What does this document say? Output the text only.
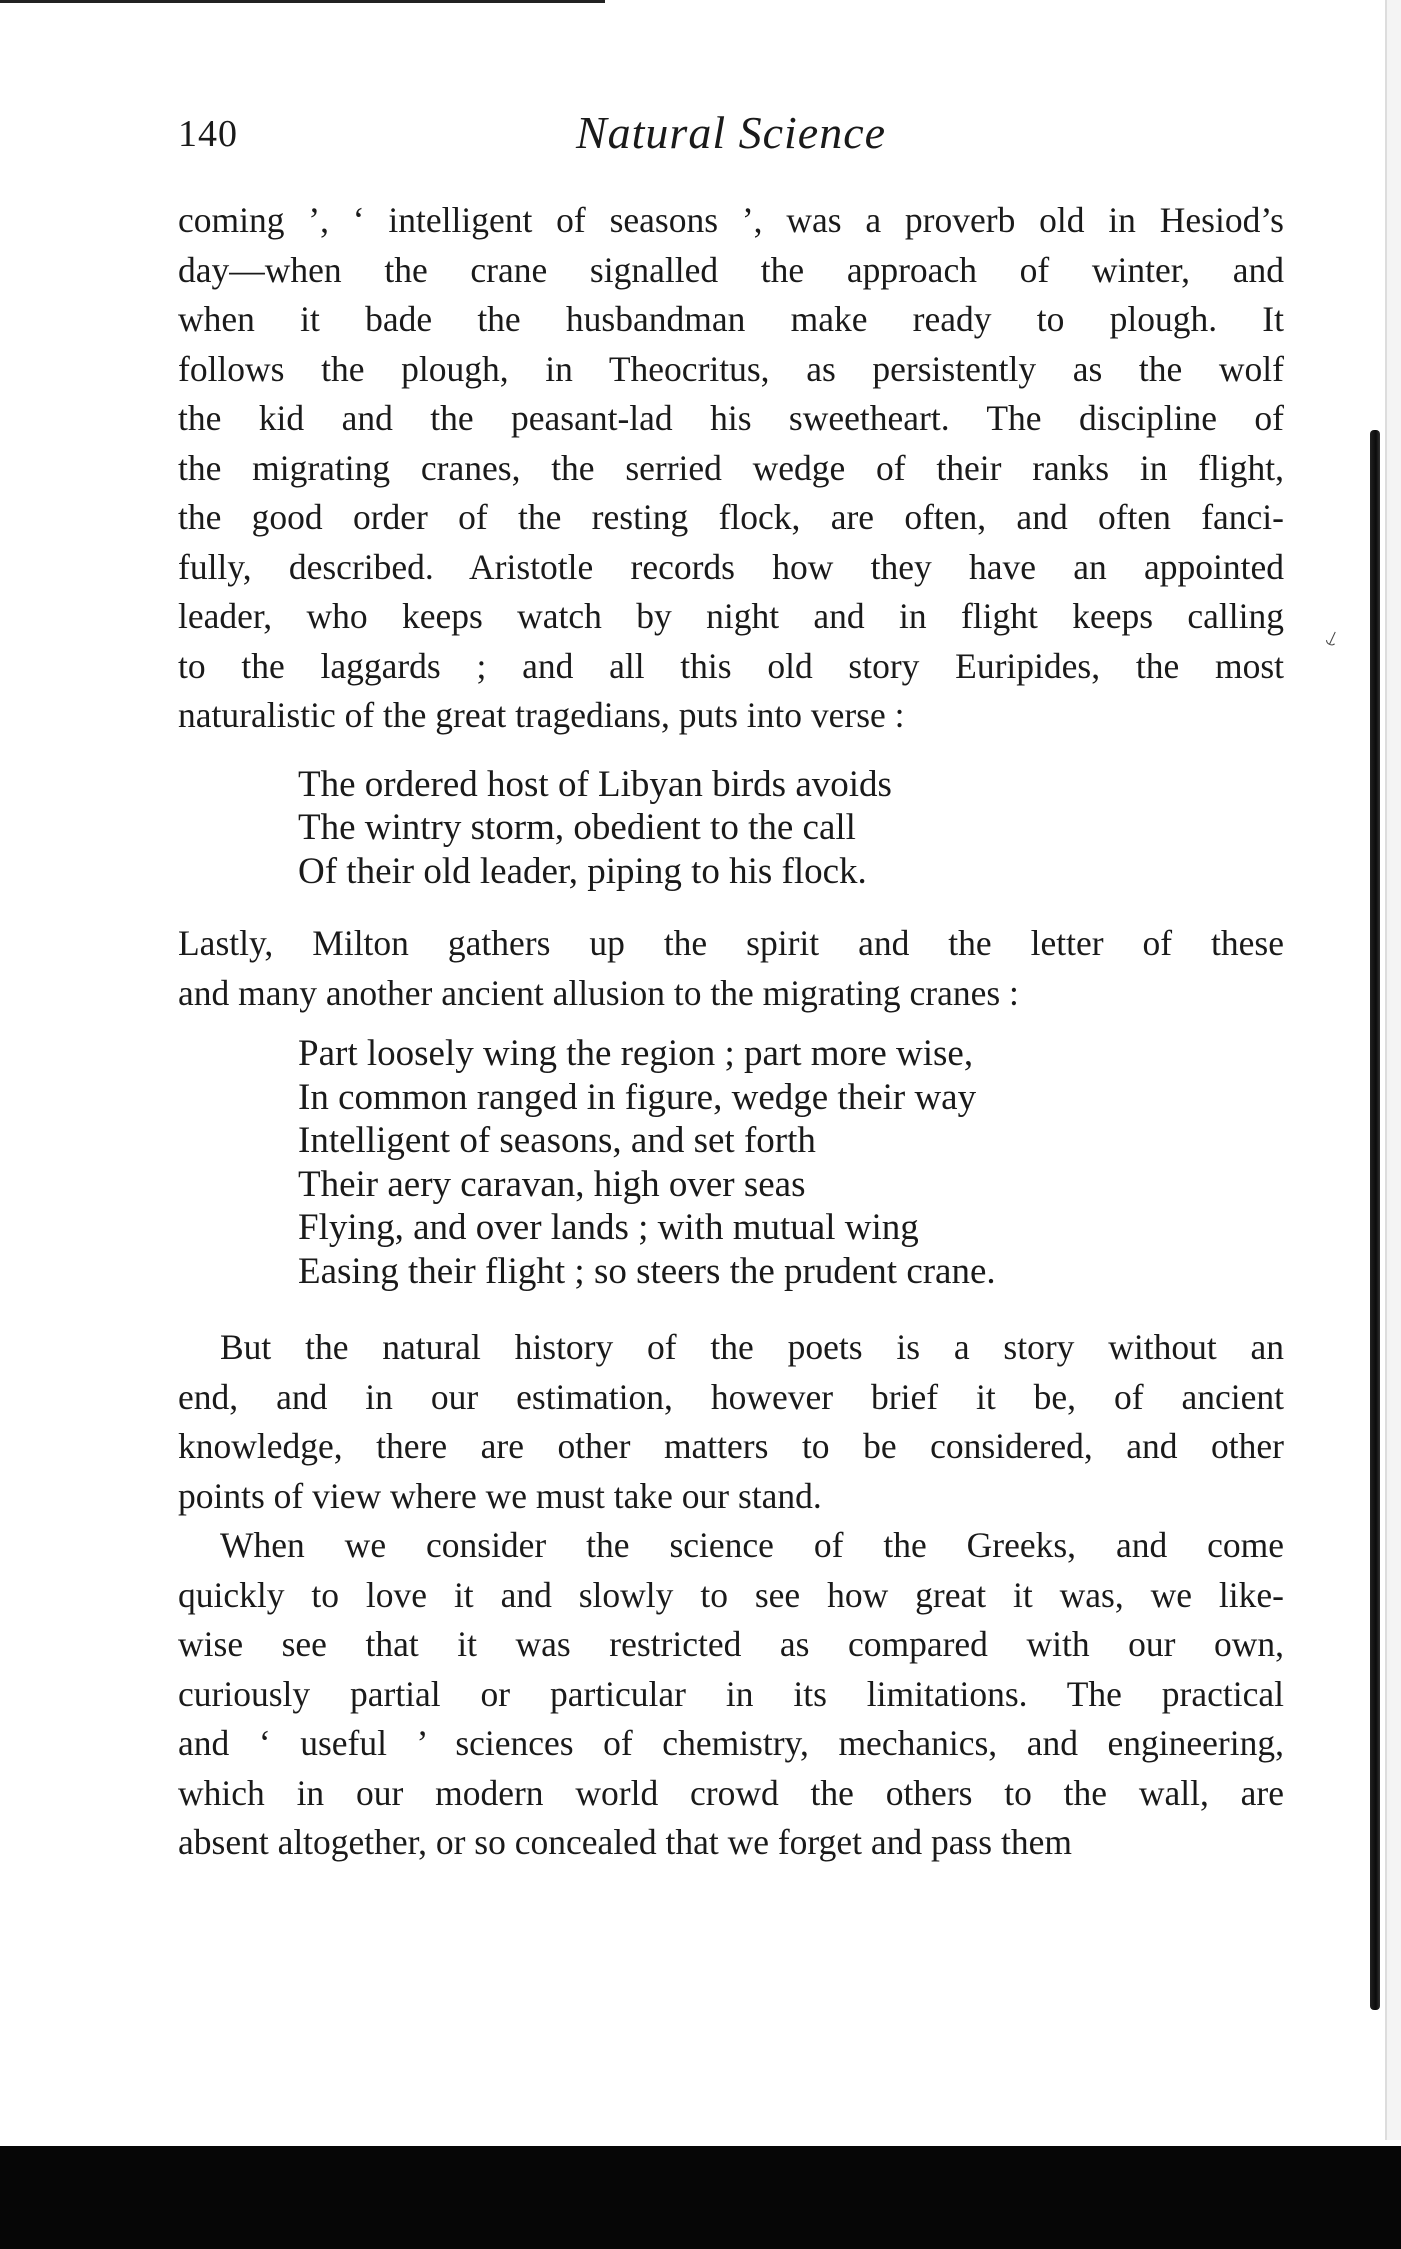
⸔
140	Natural Science
coming ’, ‘ intelligent of seasons ’, was a proverb old in Hesiod’s
day—when the crane signalled the approach of winter, and
when it bade the husbandman make ready to plough. It
follows the plough, in Theocritus, as persistently as the wolf
the kid and the peasant-lad his sweetheart. The discipline of
the migrating cranes, the serried wedge of their ranks in flight,
the good order of the resting flock, are often, and often fanci-
fully, described. Aristotle records how they have an appointed
leader, who keeps watch by night and in flight keeps calling
to the laggards ; and all this old story Euripides, the most
naturalistic of the great tragedians, puts into verse :
The ordered host of Libyan birds avoids
The wintry storm, obedient to the call
Of their old leader, piping to his flock.
Lastly, Milton gathers up the spirit and the letter of these
and many another ancient allusion to the migrating cranes :
Part loosely wing the region ; part more wise,
In common ranged in figure, wedge their way
Intelligent of seasons, and set forth
Their aery caravan, high over seas
Flying, and over lands ; with mutual wing
Easing their flight ; so steers the prudent crane.
But the natural history of the poets is a story without an
end, and in our estimation, however brief it be, of ancient
knowledge, there are other matters to be considered, and other
points of view where we must take our stand.
When we consider the science of the Greeks, and come
quickly to love it and slowly to see how great it was, we like-
wise see that it was restricted as compared with our own,
curiously partial or particular in its limitations. The practical
and ‘ useful ’ sciences of chemistry, mechanics, and engineering,
which in our modern world crowd the others to the wall, are
absent altogether, or so concealed that we forget and pass them
